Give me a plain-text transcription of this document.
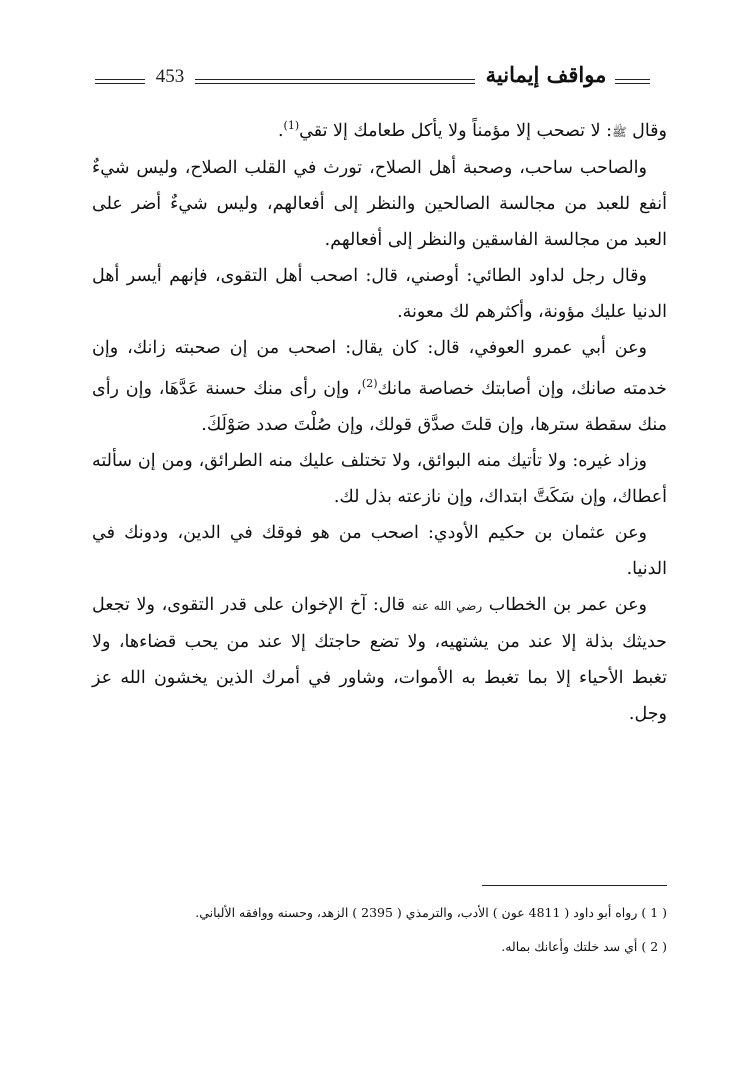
453	مواقف إيمانية

وقال ﷺ: لا تصحب إلا مؤمناً ولا يأكل طعامك إلا تقي$^{(1)}$.

والصاحب ساحب، وصحبة أهل الصلاح، تورث في القلب الصلاح، وليس شيءٌ أنفع للعبد من مجالسة الصالحين والنظر إلى أفعالهم، وليس شيءٌ أضر على العبد من مجالسة الفاسقين والنظر إلى أفعالهم.

وقال رجل لداود الطائي: أوصني، قال: اصحب أهل التقوى، فإنهم أيسر أهل الدنيا عليك مؤونة، وأكثرهم لك معونة.

وعن أبي عمرو العوفي، قال: كان يقال: اصحب من إن صحبته زانك، وإن خدمته صانك، وإن أصابتك خصاصة مانك$^{(2)}$، وإن رأى منك حسنة عَدَّهَا، وإن رأى منك سقطة سترها، وإن قلتَ صدَّق قولك، وإن صُلْتَ صدد صَوْلَكَ.

وزاد غيره: ولا تأتيك منه البوائق، ولا تختلف عليك منه الطرائق، ومن إن سألته أعطاك، وإن سَكَتَّ ابتداك، وإن نازعته بذل لك.

وعن عثمان بن حكيم الأودي: اصحب من هو فوقك في الدين، ودونك في الدنيا.

وعن عمر بن الخطاب رضي الله عنه قال: آخ الإخوان على قدر التقوى، ولا تجعل حديثك بذلة إلا عند من يشتهيه، ولا تضع حاجتك إلا عند من يحب قضاءها، ولا تغبط الأحياء إلا بما تغبط به الأموات، وشاور في أمرك الذين يخشون الله عز وجل.

( 1 ) رواه أبو داود ( 4811 عون ) الأدب، والترمذي ( 2395 ) الزهد، وحسنه ووافقه الألباني.

( 2 ) أي سد خلتك وأعانك بماله.
